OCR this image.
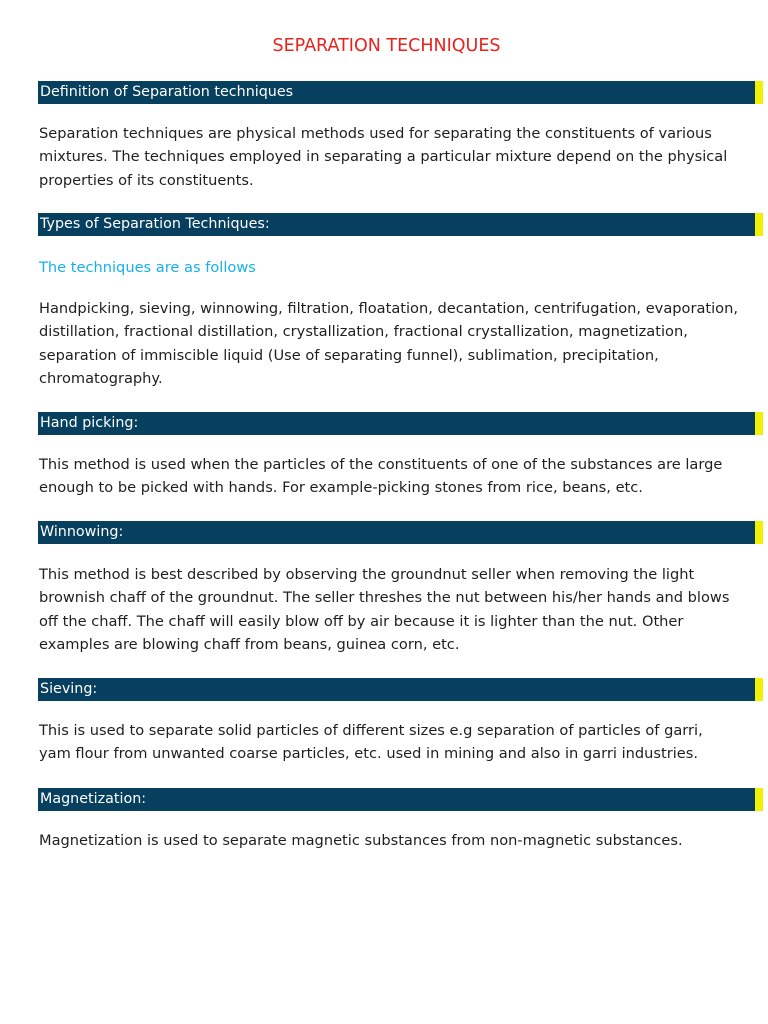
SEPARATION TECHNIQUES
Definition of Separation techniques

Separation techniques are physical methods used for separating the constituents of various mixtures. The techniques employed in separating a particular mixture depend on the physical properties of its constituents.

Types of Separation Techniques:

The techniques are as follows

Handpicking, sieving, winnowing, filtration, floatation, decantation, centrifugation, evaporation, distillation, fractional distillation, crystallization, fractional crystallization, magnetization, separation of immiscible liquid (Use of separating funnel), sublimation, precipitation, chromatography.

Hand picking:

This method is used when the particles of the constituents of one of the substances are large enough to be picked with hands. For example-picking stones from rice, beans, etc.

Winnowing:

This method is best described by observing the groundnut seller when removing the light brownish chaff of the groundnut. The seller threshes the nut between his/her hands and blows off the chaff. The chaff will easily blow off by air because it is lighter than the nut. Other examples are blowing chaff from beans, guinea corn, etc.

Sieving:

This is used to separate solid particles of different sizes e.g separation of particles of garri, yam flour from unwanted coarse particles, etc. used in mining and also in garri industries.

Magnetization:

Magnetization is used to separate magnetic substances from non-magnetic substances.
